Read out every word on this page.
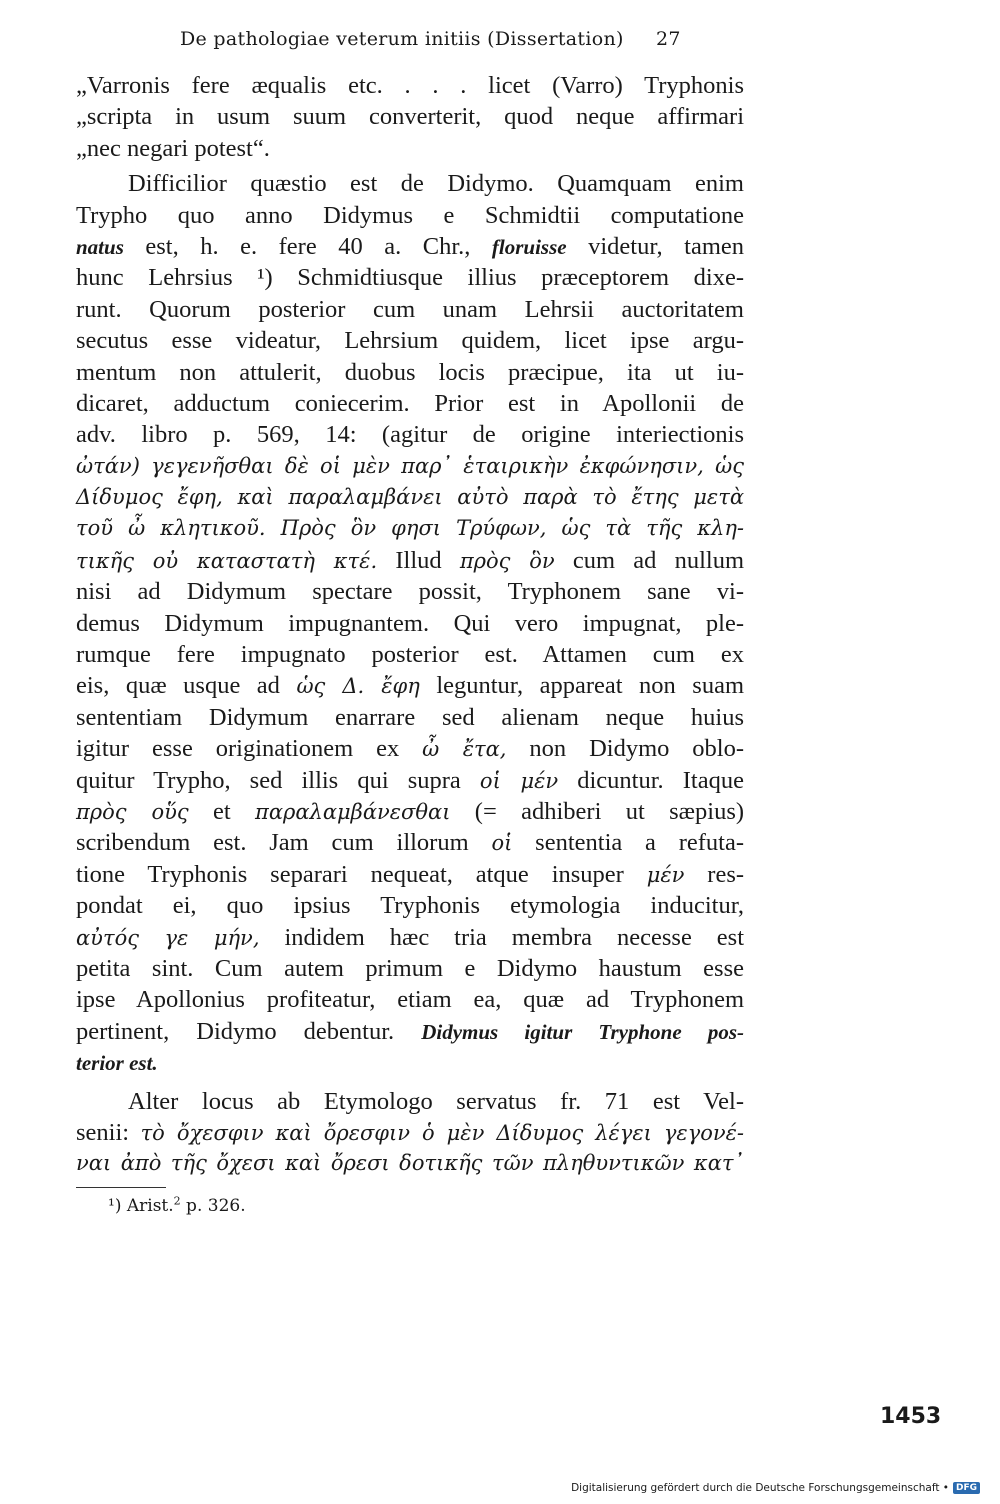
De pathologiae veterum initiis (Dissertation) 27
„Varronis fere æqualis etc. . . . licet (Varro) Tryphonis
„scripta in usum suum converterit, quod neque affirmari
„nec negari potest“.
Difficilior quæstio est de Didymo. Quamquam enim
Trypho quo anno Didymus e Schmidtii computatione
natus est, h. e. fere 40 a. Chr., floruisse videtur, tamen
hunc Lehrsius ¹) Schmidtiusque illius præceptorem dixe-
runt. Quorum posterior cum unam Lehrsii auctoritatem
secutus esse videatur, Lehrsium quidem, licet ipse argu-
mentum non attulerit, duobus locis præcipue, ita ut iu-
dicaret, adductum coniecerim. Prior est in Apollonii de
adv. libro p. 569, 14: (agitur de origine interiectionis
ὠτάν) γεγενῆσθαι δὲ οἱ μὲν παρ᾽ ἑταιρικὴν ἐκφώνησιν, ὡς
Δίδυμος ἔφη, καὶ παραλαμβάνει αὐτὸ παρὰ τὸ ἔτης μετὰ
τοῦ ὦ κλητικοῦ. Πρὸς ὃν φησι Τρύφων, ὡς τὰ τῆς κλη-
τικῆς οὐ καταστατὴ κτέ. Illud πρὸς ὃν cum ad nullum
nisi ad Didymum spectare possit, Tryphonem sane vi-
demus Didymum impugnantem. Qui vero impugnat, ple-
rumque fere impugnato posterior est. Attamen cum ex
eis, quæ usque ad ὡς Δ. ἔφη leguntur, appareat non suam
sententiam Didymum enarrare sed alienam neque huius
igitur esse originationem ex ὦ ἔτα, non Didymo oblo-
quitur Trypho, sed illis qui supra οἱ μέν dicuntur. Itaque
πρὸς οὕς et παραλαμβάνεσθαι (= adhiberi ut sæpius)
scribendum est. Jam cum illorum οἱ sententia a refuta-
tione Tryphonis separari nequeat, atque insuper μέν res-
pondat ei, quo ipsius Tryphonis etymologia inducitur,
αὐτός γε μήν, indidem hæc tria membra necesse est
petita sint. Cum autem primum e Didymo haustum esse
ipse Apollonius profiteatur, etiam ea, quæ ad Tryphonem
pertinent, Didymo debentur. Didymus igitur Tryphone pos-
terior est.
Alter locus ab Etymologo servatus fr. 71 est Vel-
senii: τὸ ὄχεσφιν καὶ ὄρεσφιν ὁ μὲν Δίδυμος λέγει γεγονέ-
ναι ἀπὸ τῆς ὄχεσι καὶ ὄρεσι δοτικῆς τῶν πληθυντικῶν κατ᾽
¹) Arist.$^2$ p. 326.
1453
Digitalisierung gefördert durch die Deutsche Forschungsgemeinschaft • DFG
